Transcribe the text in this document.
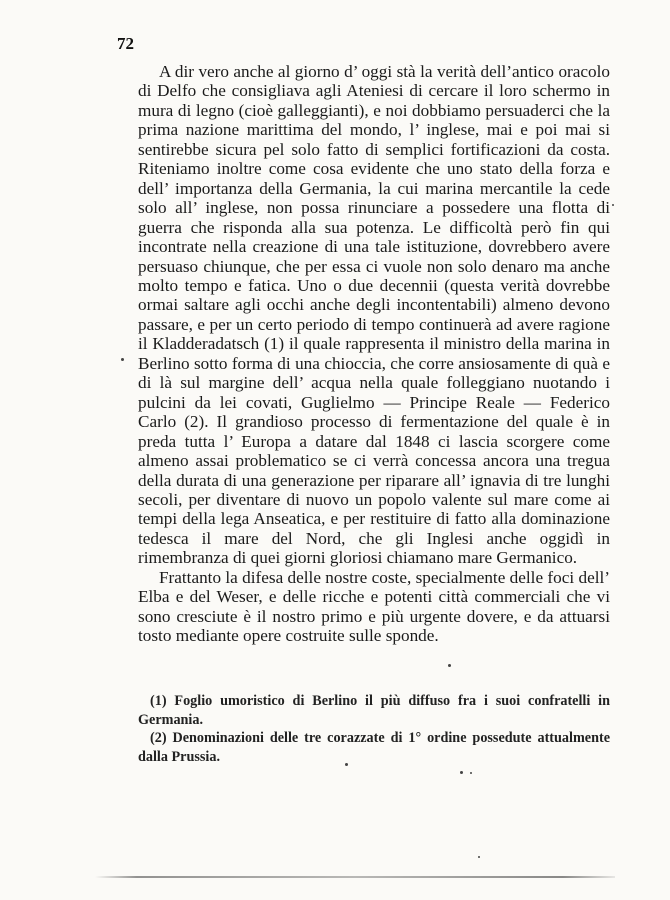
72

A dir vero anche al giorno d’ oggi stà la verità dell’antico oracolo di Delfo che consigliava agli Ateniesi di cercare il loro schermo in mura di legno (cioè galleggianti), e noi dobbiamo persuaderci che la prima nazione marittima del mondo, l’ inglese, mai e poi mai si sentirebbe sicura pel solo fatto di semplici fortificazioni da costa. Riteniamo inoltre come cosa evidente che uno stato della forza e dell’ importanza della Germania, la cui marina mercantile la cede solo all’ inglese, non possa rinunciare a possedere una flotta di guerra che risponda alla sua potenza. Le difficoltà però fin qui incontrate nella creazione di una tale istituzione, dovrebbero avere persuaso chiunque, che per essa ci vuole non solo denaro ma anche molto tempo e fatica. Uno o due decennii (questa verità dovrebbe ormai saltare agli occhi anche degli incontentabili) almeno devono passare, e per un certo periodo di tempo continuerà ad avere ragione il Kladderadatsch (1) il quale rappresenta il ministro della marina in Berlino sotto forma di una chioccia, che corre ansiosamente di quà e di là sul margine dell’ acqua nella quale folleggiano nuotando i pulcini da lei covati, Guglielmo — Principe Reale — Federico Carlo (2). Il grandioso processo di fermentazione del quale è in preda tutta l’ Europa a datare dal 1848 ci lascia scorgere come almeno assai problematico se ci verrà concessa ancora una tregua della durata di una generazione per riparare all’ ignavia di tre lunghi secoli, per diventare di nuovo un popolo valente sul mare come ai tempi della lega Anseatica, e per restituire di fatto alla dominazione tedesca il mare del Nord, che gli Inglesi anche oggidì in rimembranza di quei giorni gloriosi chiamano mare Germanico.

Frattanto la difesa delle nostre coste, specialmente delle foci dell’ Elba e del Weser, e delle ricche e potenti città commerciali che vi sono cresciute è il nostro primo e più urgente dovere, e da attuarsi tosto mediante opere costruite sulle sponde.

(1) Foglio umoristico di Berlino il più diffuso fra i suoi confratelli in Germania.

(2) Denominazioni delle tre corazzate di 1° ordine possedute attualmente dalla Prussia.
